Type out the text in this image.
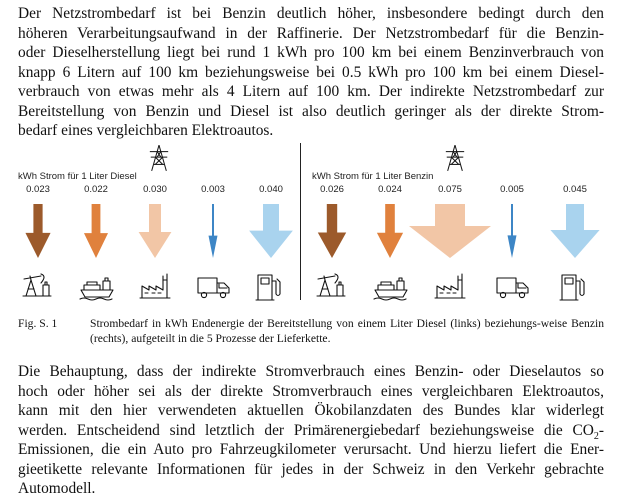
Der Netzstrombedarf ist bei Benzin deutlich höher, insbesondere bedingt durch den
höheren Verarbeitungsaufwand in der Raffinerie. Der Netzstrombedarf für die Benzin-
oder Dieselherstellung liegt bei rund 1 kWh pro 100 km bei einem Benzinverbrauch von
knapp 6 Litern auf 100 km beziehungsweise bei 0.5 kWh pro 100 km bei einem Diesel-
verbrauch von etwas mehr als 4 Litern auf 100 km. Der indirekte Netzstrombedarf zur
Bereitstellung von Benzin und Diesel ist also deutlich geringer als der direkte Strom-
bedarf eines vergleichbaren Elektroautos.
kWh Strom für 1 Liter Diesel	kWh Strom für 1 Liter Benzin
0.023	0.022	0.030	0.003	0.040	0.026	0.024	0.075	0.005	0.045
Fig. S. 1	Strombedarf in kWh Endenergie der Bereitstellung von einem Liter Diesel (links) beziehungs-weise Benzin (rechts), aufgeteilt in die 5 Prozesse der Lieferkette.
Die Behauptung, dass der indirekte Stromverbrauch eines Benzin- oder Dieselautos so
hoch oder höher sei als der direkte Stromverbrauch eines vergleichbaren Elektroautos,
kann mit den hier verwendeten aktuellen Ökobilanzdaten des Bundes klar widerlegt
werden. Entscheidend sind letztlich der Primärenergiebedarf beziehungsweise die $CO_2-$
Emissionen, die ein Auto pro Fahrzeugkilometer verursacht. Und hierzu liefert die Ener-
gieetikette relevante Informationen für jedes in der Schweiz in den Verkehr gebrachte
Automodell.
